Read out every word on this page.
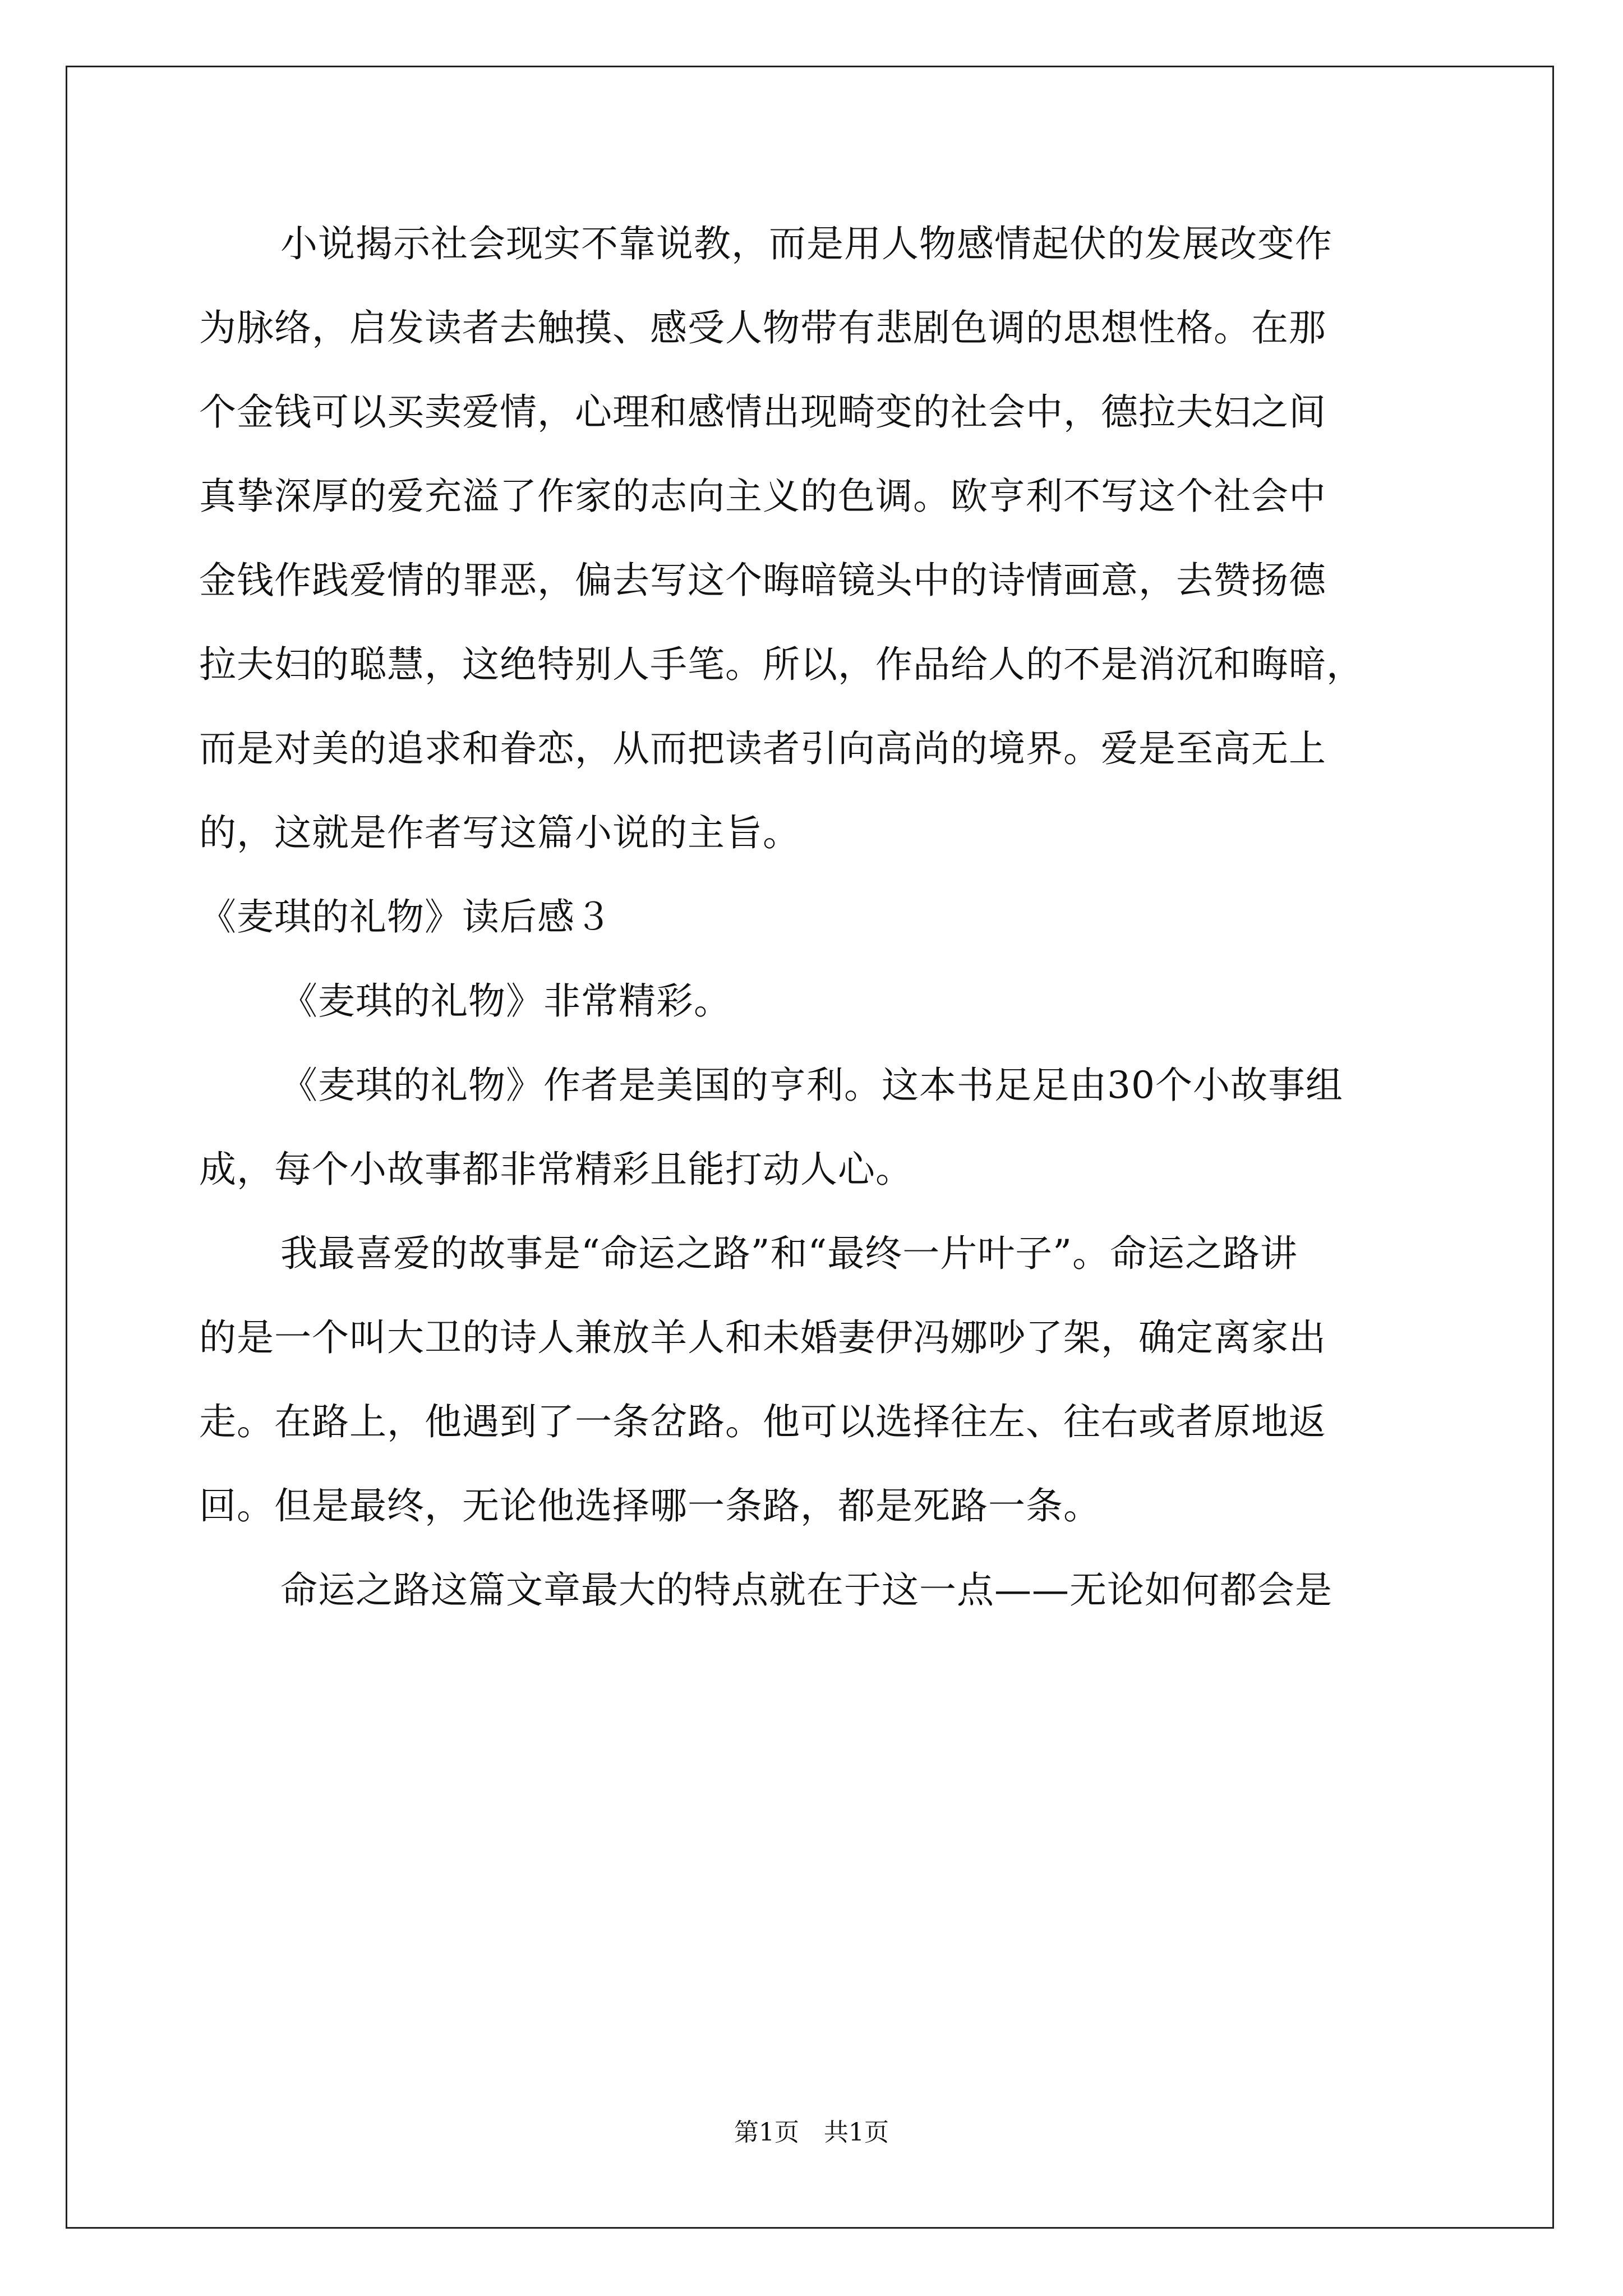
小说揭示社会现实不靠说教，而是用人物感情起伏的发展改变作
为脉络，启发读者去触摸、感受人物带有悲剧色调的思想性格。在那
个金钱可以买卖爱情，心理和感情出现畸变的社会中，德拉夫妇之间
真挚深厚的爱充溢了作家的志向主义的色调。欧亨利不写这个社会中
金钱作践爱情的罪恶，偏去写这个晦暗镜头中的诗情画意，去赞扬德
拉夫妇的聪慧，这绝特别人手笔。所以，作品给人的不是消沉和晦暗，
而是对美的追求和眷恋，从而把读者引向高尚的境界。爱是至高无上
的，这就是作者写这篇小说的主旨。
《麦琪的礼物》读后感３
《麦琪的礼物》非常精彩。
《麦琪的礼物》作者是美国的亨利。这本书足足由30个小故事组
成，每个小故事都非常精彩且能打动人心。
我最喜爱的故事是“命运之路”和“最终一片叶子”。命运之路讲
的是一个叫大卫的诗人兼放羊人和未婚妻伊冯娜吵了架，确定离家出
走。在路上，他遇到了一条岔路。他可以选择往左、往右或者原地返
回。但是最终，无论他选择哪一条路，都是死路一条。
命运之路这篇文章最大的特点就在于这一点——无论如何都会是
第1页　共1页
